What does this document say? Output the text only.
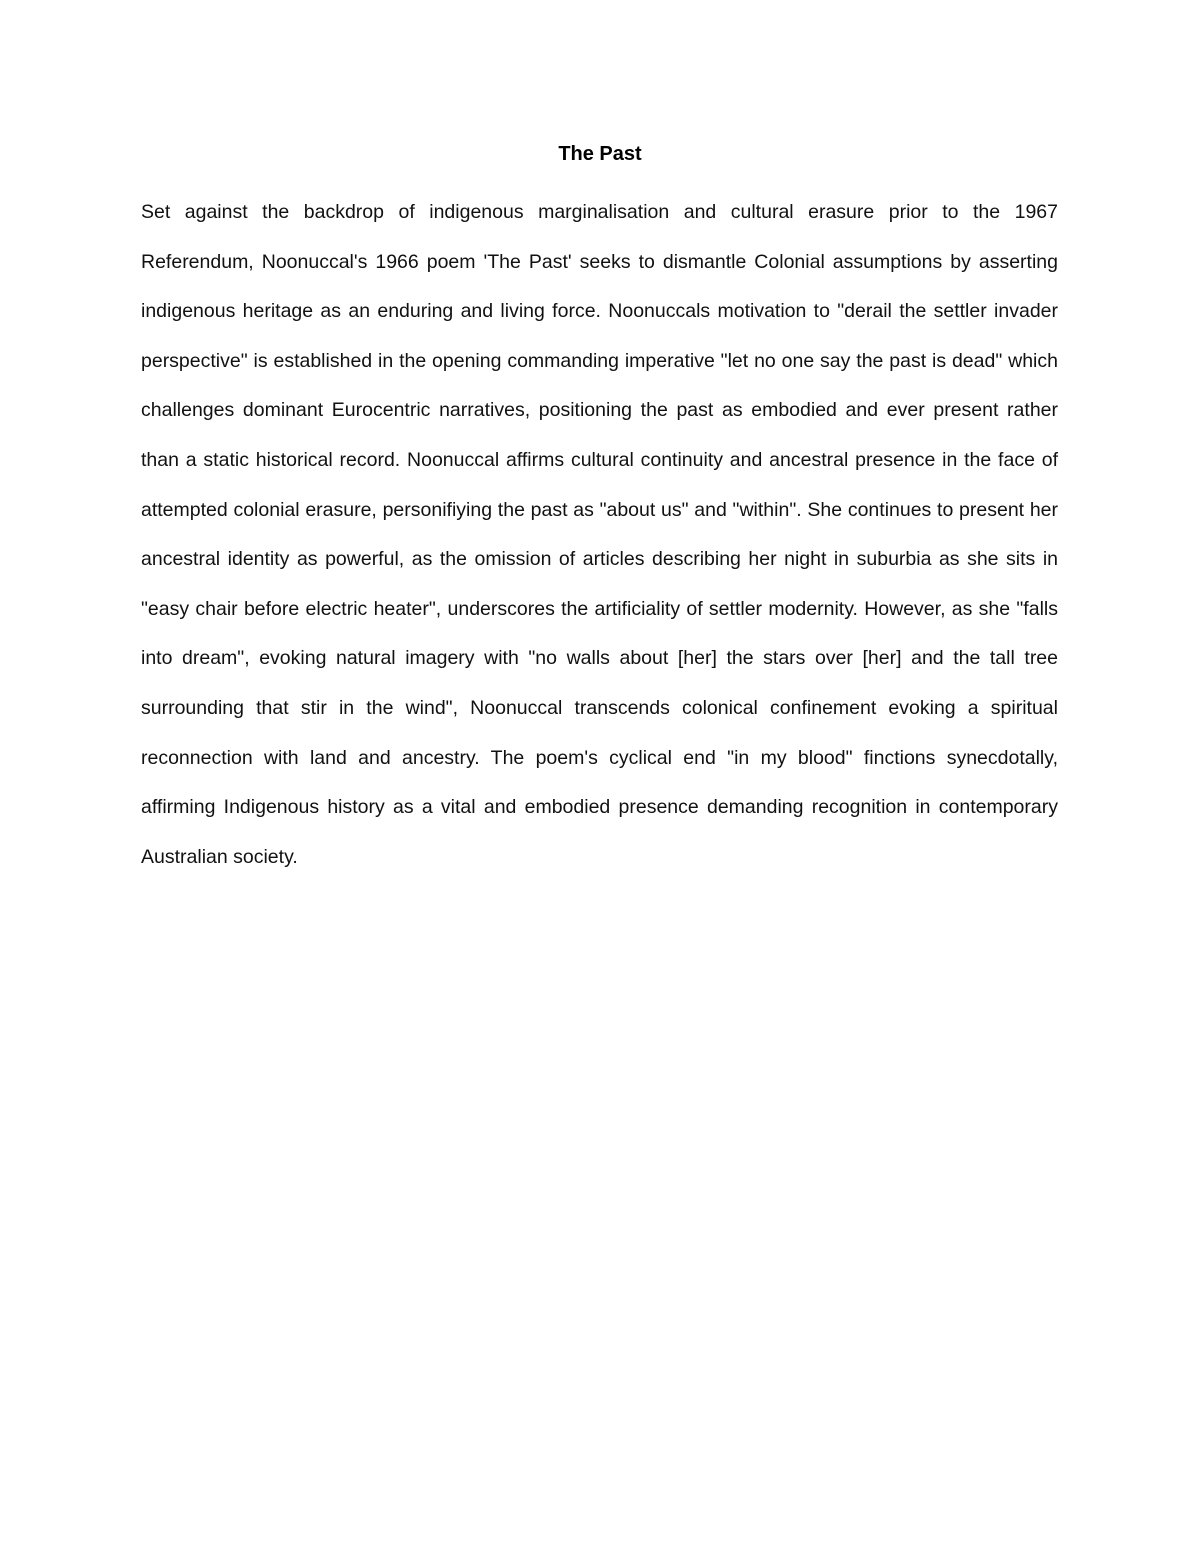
The Past

Set against the backdrop of indigenous marginalisation and cultural erasure prior to the 1967 Referendum, Noonuccal's 1966 poem 'The Past' seeks to dismantle Colonial assumptions by asserting indigenous heritage as an enduring and living force. Noonuccals motivation to "derail the settler invader perspective" is established in the opening commanding imperative "let no one say the past is dead" which challenges dominant Eurocentric narratives, positioning the past as embodied and ever present rather than a static historical record. Noonuccal affirms cultural continuity and ancestral presence in the face of attempted colonial erasure, personifiying the past as "about us" and "within". She continues to present her ancestral identity as powerful, as the omission of articles describing her night in suburbia as she sits in "easy chair before electric heater", underscores the artificiality of settler modernity. However, as she "falls into dream", evoking natural imagery with "no walls about [her] the stars over [her] and the tall tree surrounding that stir in the wind", Noonuccal transcends colonical confinement evoking a spiritual reconnection with land and ancestry. The poem's cyclical end "in my blood" finctions synecdotally, affirming Indigenous history as a vital and embodied presence demanding recognition in contemporary Australian society.
